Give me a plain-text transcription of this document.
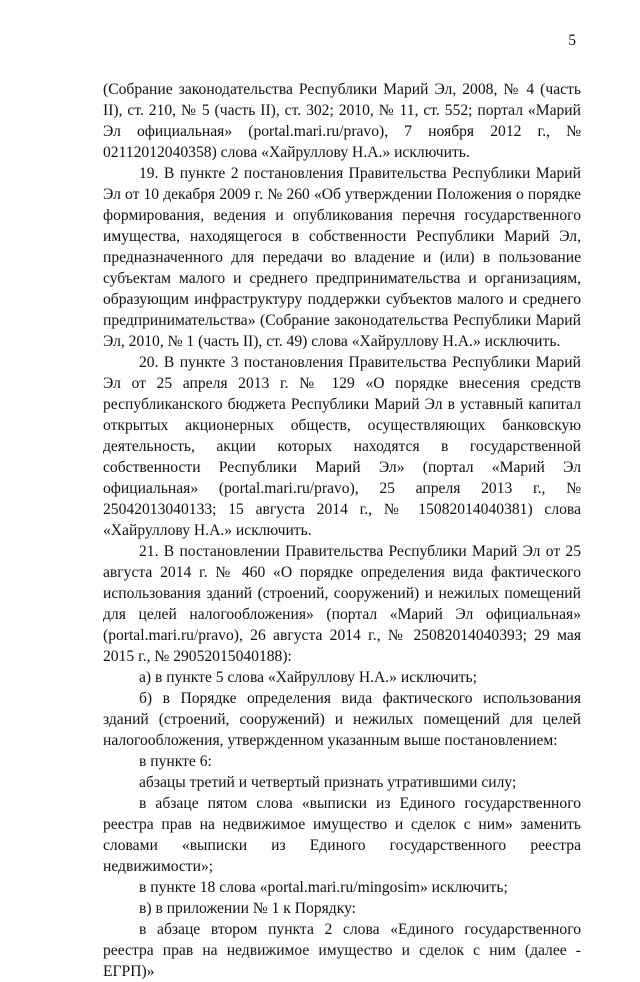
5

(Собрание законодательства Республики Марий Эл, 2008, № 4 (часть II), ст. 210, № 5 (часть II), ст. 302; 2010, № 11, ст. 552; портал «Марий Эл официальная» (portal.mari.ru/pravo), 7 ноября 2012 г., № 02112012040358) слова «Хайруллову Н.А.» исключить.

19. В пункте 2 постановления Правительства Республики Марий Эл от 10 декабря 2009 г. № 260 «Об утверждении Положения о порядке формирования, ведения и опубликования перечня государственного имущества, находящегося в собственности Республики Марий Эл, предназначенного для передачи во владение и (или) в пользование субъектам малого и среднего предпринимательства и организациям, образующим инфраструктуру поддержки субъектов малого и среднего предпринимательства» (Собрание законодательства Республики Марий Эл, 2010, № 1 (часть II), ст. 49) слова «Хайруллову Н.А.» исключить.

20. В пункте 3 постановления Правительства Республики Марий Эл от 25 апреля 2013 г. № 129 «О порядке внесения средств республиканского бюджета Республики Марий Эл в уставный капитал открытых акционерных обществ, осуществляющих банковскую деятельность, акции которых находятся в государственной собственности Республики Марий Эл» (портал «Марий Эл официальная» (portal.mari.ru/pravo), 25 апреля 2013 г., № 25042013040133; 15 августа 2014 г., № 15082014040381) слова «Хайруллову Н.А.» исключить.

21. В постановлении Правительства Республики Марий Эл от 25 августа 2014 г. № 460 «О порядке определения вида фактического использования зданий (строений, сооружений) и нежилых помещений для целей налогообложения» (портал «Марий Эл официальная» (portal.mari.ru/pravo), 26 августа 2014 г., № 25082014040393; 29 мая 2015 г., № 29052015040188):

а) в пункте 5 слова «Хайруллову Н.А.» исключить;

б) в Порядке определения вида фактического использования зданий (строений, сооружений) и нежилых помещений для целей налогообложения, утвержденном указанным выше постановлением:

в пункте 6:

абзацы третий и четвертый признать утратившими силу;

в абзаце пятом слова «выписки из Единого государственного реестра прав на недвижимое имущество и сделок с ним» заменить словами «выписки из Единого государственного реестра недвижимости»;

в пункте 18 слова «portal.mari.ru/mingosim» исключить;

в) в приложении № 1 к Порядку:

в абзаце втором пункта 2 слова «Единого государственного реестра прав на недвижимое имущество и сделок с ним (далее - ЕГРП)»
